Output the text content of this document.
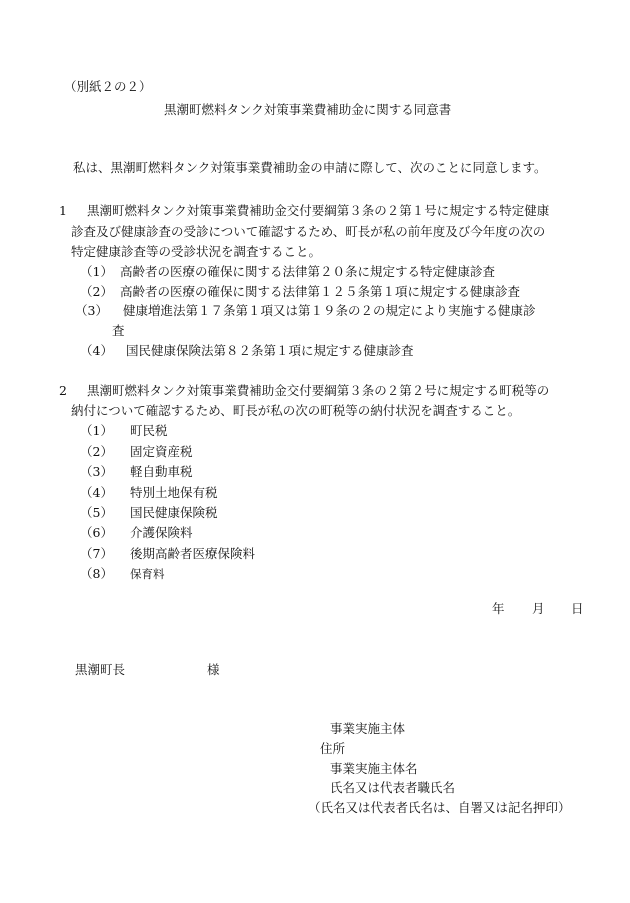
（別紙２の２）
黒潮町燃料タンク対策事業費補助金に関する同意書
私は、黒潮町燃料タンク対策事業費補助金の申請に際して、次のことに同意します。
1 黒潮町燃料タンク対策事業費補助金交付要綱第３条の２第１号に規定する特定健康
診査及び健康診査の受診について確認するため、町長が私の前年度及び今年度の次の
特定健康診査等の受診状況を調査すること。
（1） 高齢者の医療の確保に関する法律第２０条に規定する特定健康診査
（2） 高齢者の医療の確保に関する法律第１２５条第１項に規定する健康診査
（3） 健康増進法第１７条第１項又は第１９条の２の規定により実施する健康診
査
（4） 国民健康保険法第８２条第１項に規定する健康診査
2 黒潮町燃料タンク対策事業費補助金交付要綱第３条の２第２号に規定する町税等の
納付について確認するため、町長が私の次の町税等の納付状況を調査すること。
（1） 町民税
（2） 固定資産税
（3） 軽自動車税
（4） 特別土地保有税
（5） 国民健康保険税
（6） 介護保険料
（7） 後期高齢者医療保険料
（8） 保育料
年 月 日
黒潮町長	様
事業実施主体
住所
事業実施主体名
氏名又は代表者職氏名
（氏名又は代表者氏名は、自署又は記名押印）
